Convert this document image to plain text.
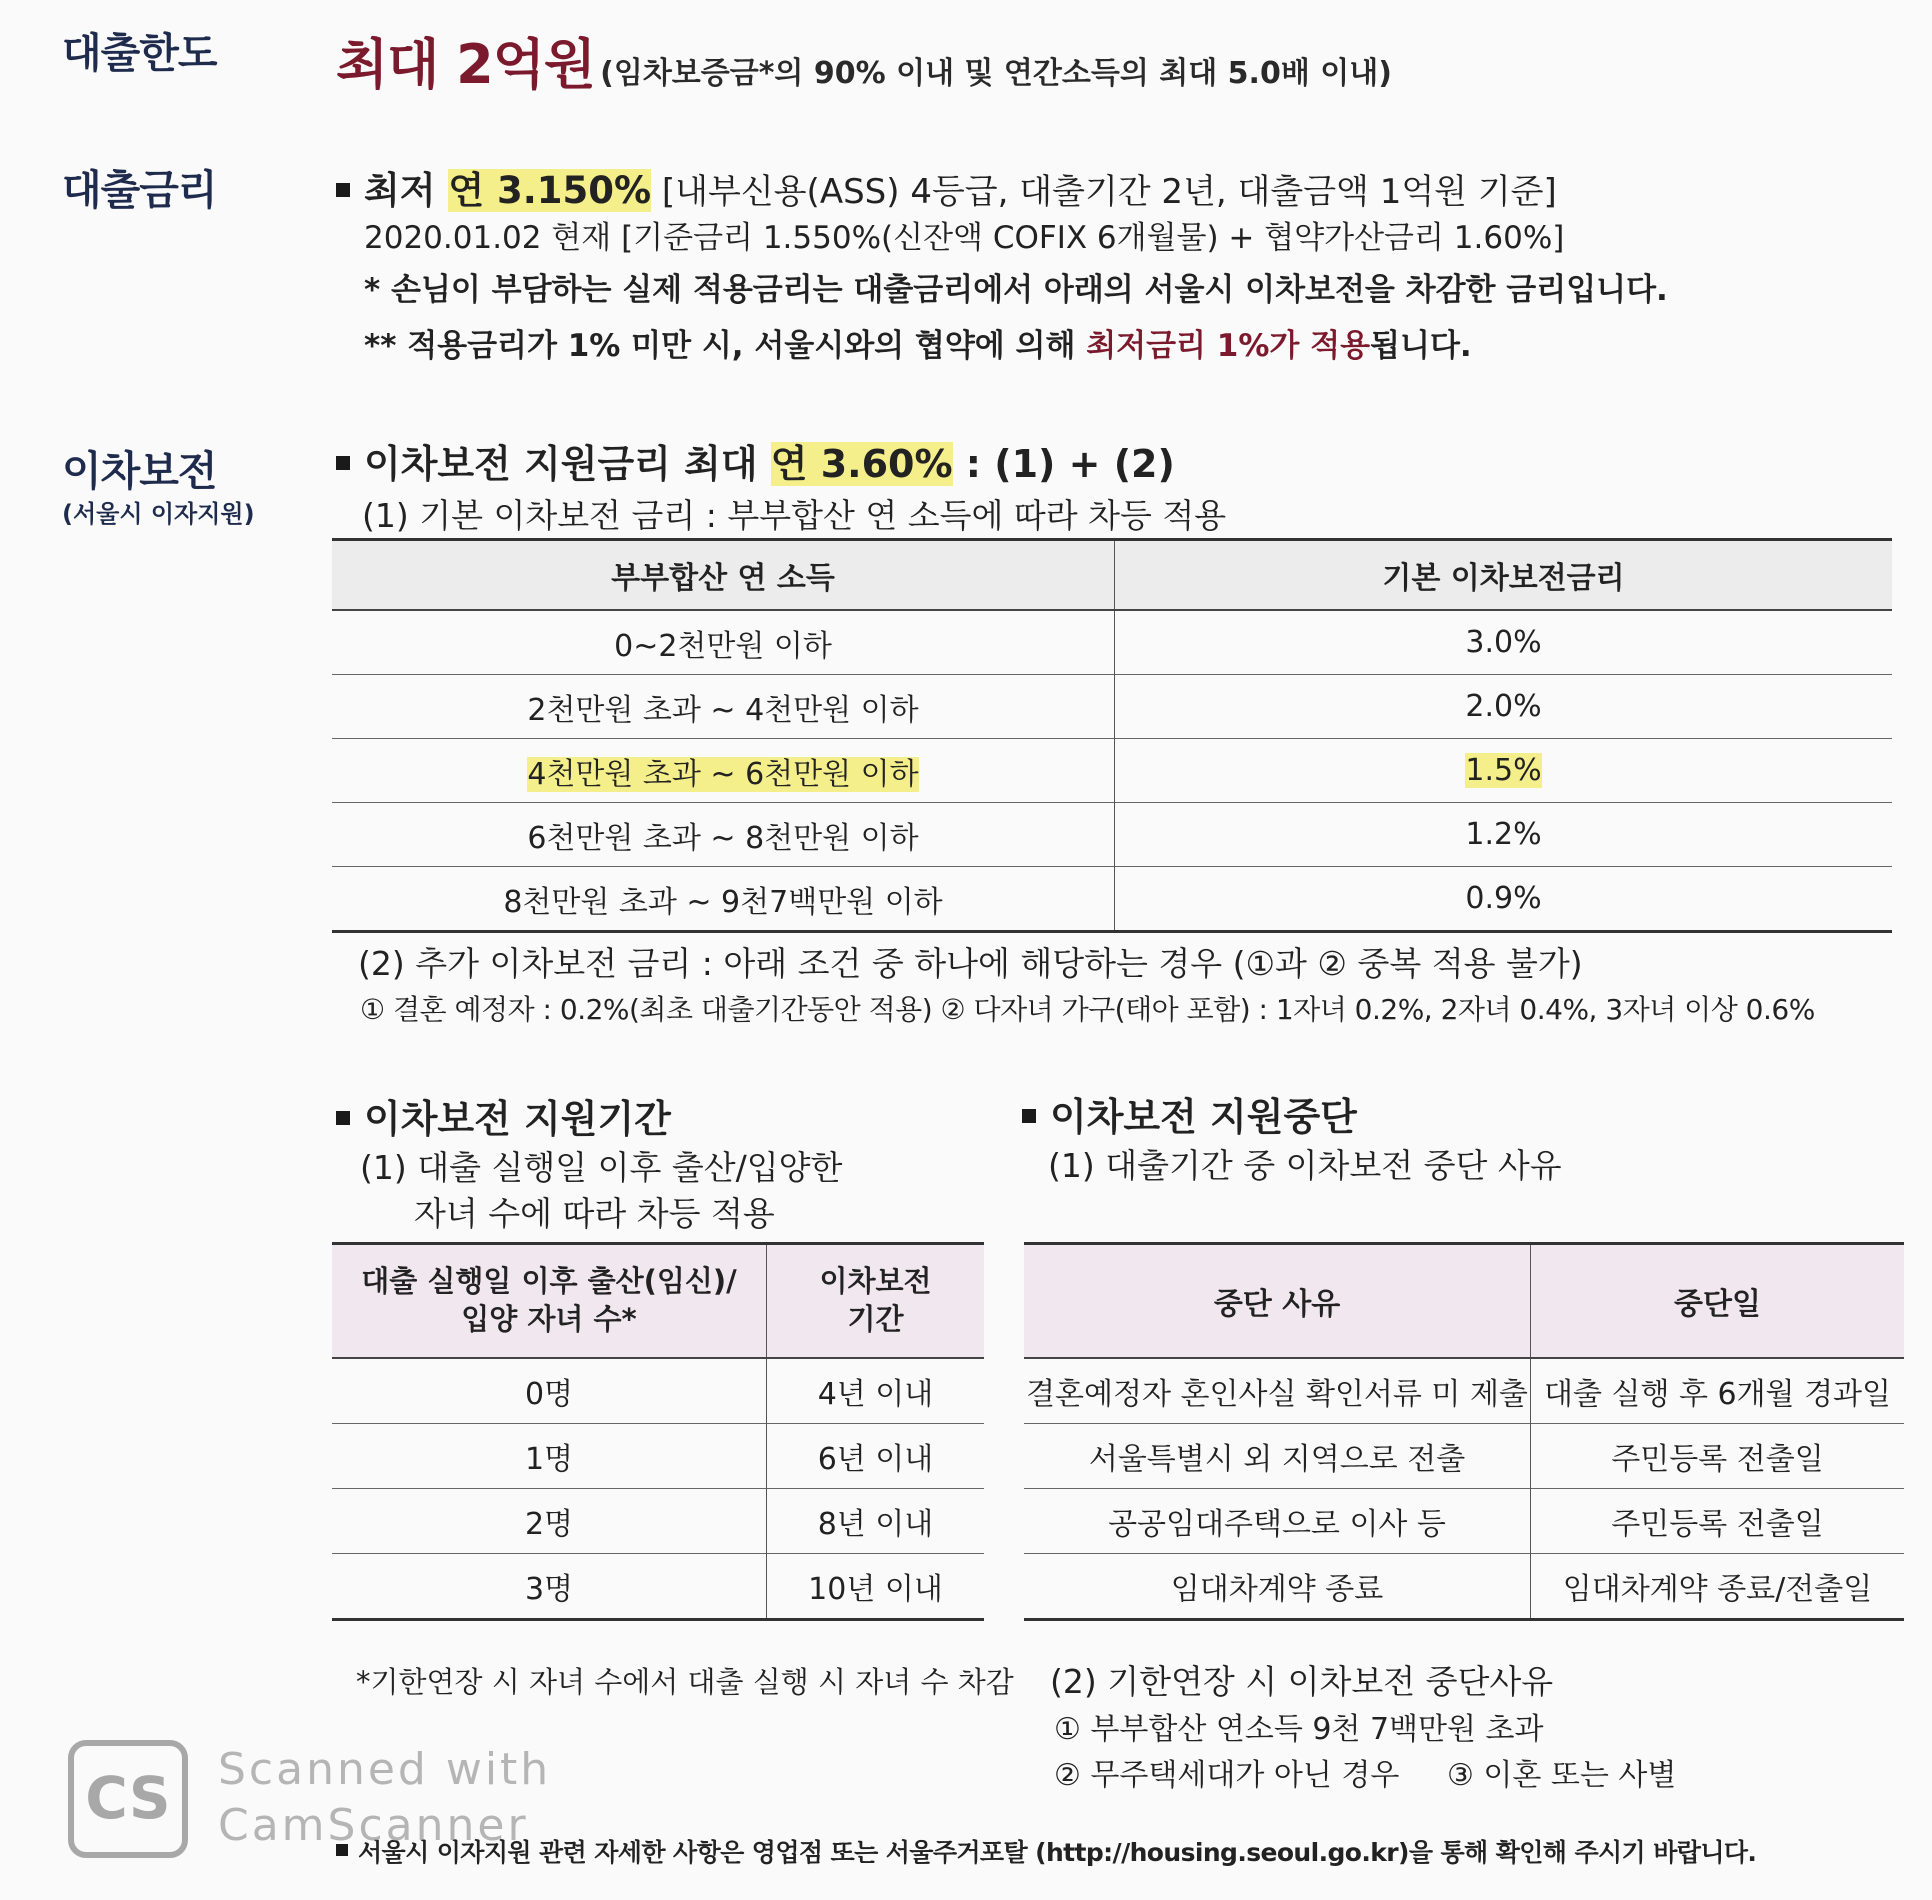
대출한도 최대 2억원 (임차보증금*의 90% 이내 및 연간소득의 최대 5.0배 이내)
대출금리	최저 연 3.150% [내부신용(ASS) 4등급, 대출기간 2년, 대출금액 1억원 기준]
2020.01.02 현재 [기준금리 1.550%(신잔액 COFIX 6개월물) + 협약가산금리 1.60%]
* 손님이 부담하는 실제 적용금리는 대출금리에서 아래의 서울시 이차보전을 차감한 금리입니다.
** 적용금리가 1% 미만 시, 서울시와의 협약에 의해 최저금리 1%가 적용됩니다.
이차보전
(서울시 이자지원)
이차보전 지원금리 최대 연 3.60% : (1) + (2)
(1) 기본 이차보전 금리 : 부부합산 연 소득에 따라 차등 적용
부부합산 연 소득	기본 이차보전금리
0~2천만원 이하	3.0%
2천만원 초과 ~ 4천만원 이하	2.0%
4천만원 초과 ~ 6천만원 이하	1.5%
6천만원 초과 ~ 8천만원 이하	1.2%
8천만원 초과 ~ 9천7백만원 이하	0.9%
(2) 추가 이차보전 금리 : 아래 조건 중 하나에 해당하는 경우 (①과 ② 중복 적용 불가)
① 결혼 예정자 : 0.2%(최초 대출기간동안 적용) ② 다자녀 가구(태아 포함) : 1자녀 0.2%, 2자녀 0.4%, 3자녀 이상 0.6%
이차보전 지원기간
(1) 대출 실행일 이후 출산/입양한
자녀 수에 따라 차등 적용
대출 실행일 이후 출산(임신)/
입양 자녀 수*	이차보전
기간
0명	4년 이내
1명	6년 이내
2명	8년 이내
3명	10년 이내
*기한연장 시 자녀 수에서 대출 실행 시 자녀 수 차감
이차보전 지원중단
(1) 대출기간 중 이차보전 중단 사유
중단 사유	중단일
결혼예정자 혼인사실 확인서류 미 제출	대출 실행 후 6개월 경과일
서울특별시 외 지역으로 전출	주민등록 전출일
공공임대주택으로 이사 등	주민등록 전출일
임대차계약 종료	임대차계약 종료/전출일
(2) 기한연장 시 이차보전 중단사유
① 부부합산 연소득 9천 7백만원 초과
② 무주택세대가 아닌 경우     ③ 이혼 또는 사별
서울시 이자지원 관련 자세한 사항은 영업점 또는 서울주거포탈 (http://housing.seoul.go.kr)을 통해 확인해 주시기 바랍니다.
CS	Scanned with
CamScanner
